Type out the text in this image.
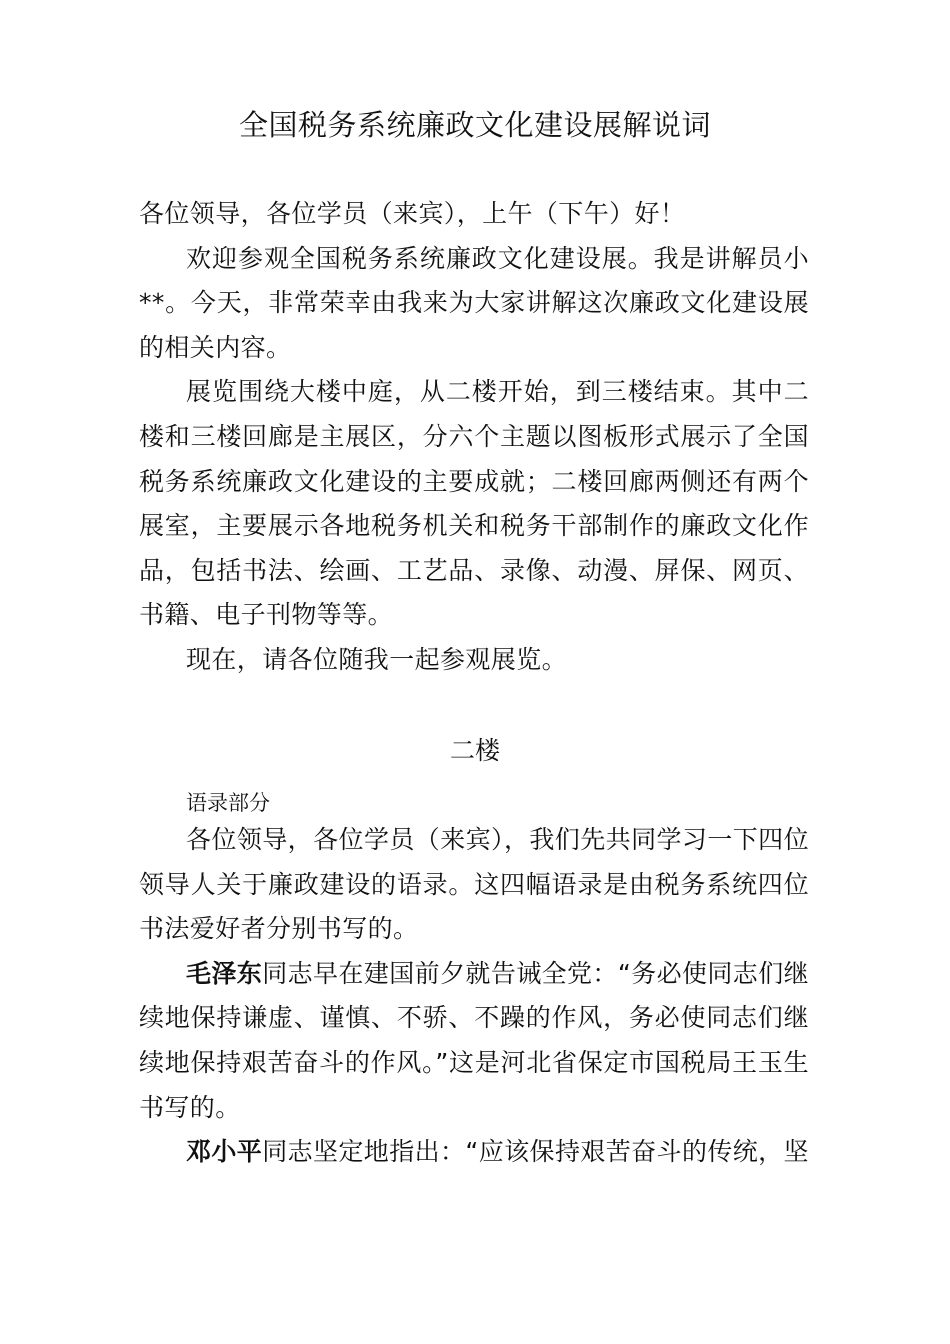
全国税务系统廉政文化建设展解说词

各位领导，各位学员（来宾），上午（下午）好！

欢迎参观全国税务系统廉政文化建设展。我是讲解员小**。今天，非常荣幸由我来为大家讲解这次廉政文化建设展的相关内容。

展览围绕大楼中庭，从二楼开始，到三楼结束。其中二楼和三楼回廊是主展区，分六个主题以图板形式展示了全国税务系统廉政文化建设的主要成就；二楼回廊两侧还有两个展室，主要展示各地税务机关和税务干部制作的廉政文化作品，包括书法、绘画、工艺品、录像、动漫、屏保、网页、书籍、电子刊物等等。

现在，请各位随我一起参观展览。

二楼
语录部分

各位领导，各位学员（来宾），我们先共同学习一下四位领导人关于廉政建设的语录。这四幅语录是由税务系统四位书法爱好者分别书写的。

毛泽东同志早在建国前夕就告诫全党：“务必使同志们继续地保持谦虚、谨慎、不骄、不躁的作风，务必使同志们继续地保持艰苦奋斗的作风。”这是河北省保定市国税局王玉生书写的。

邓小平同志坚定地指出：“应该保持艰苦奋斗的传统，坚
